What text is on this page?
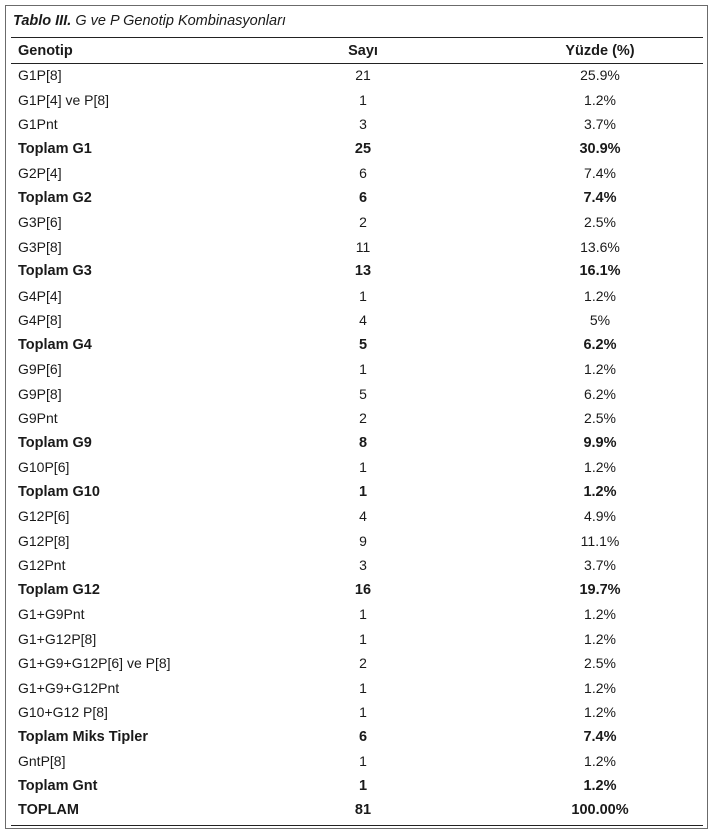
Tablo III. G ve P Genotip Kombinasyonları
Genotip	Sayı	Yüzde (%)
G1P[8]	21	25.9%
G1P[4] ve P[8]	1	1.2%
G1Pnt	3	3.7%
Toplam G1	25	30.9%
G2P[4]	6	7.4%
Toplam G2	6	7.4%
G3P[6]	2	2.5%
G3P[8]	11	13.6%
Toplam G3	13	16.1%
G4P[4]	1	1.2%
G4P[8]	4	5%
Toplam G4	5	6.2%
G9P[6]	1	1.2%
G9P[8]	5	6.2%
G9Pnt	2	2.5%
Toplam G9	8	9.9%
G10P[6]	1	1.2%
Toplam G10	1	1.2%
G12P[6]	4	4.9%
G12P[8]	9	11.1%
G12Pnt	3	3.7%
Toplam G12	16	19.7%
G1+G9Pnt	1	1.2%
G1+G12P[8]	1	1.2%
G1+G9+G12P[6] ve P[8]	2	2.5%
G1+G9+G12Pnt	1	1.2%
G10+G12 P[8]	1	1.2%
Toplam Miks Tipler	6	7.4%
GntP[8]	1	1.2%
Toplam Gnt	1	1.2%
TOPLAM	81	100.00%
